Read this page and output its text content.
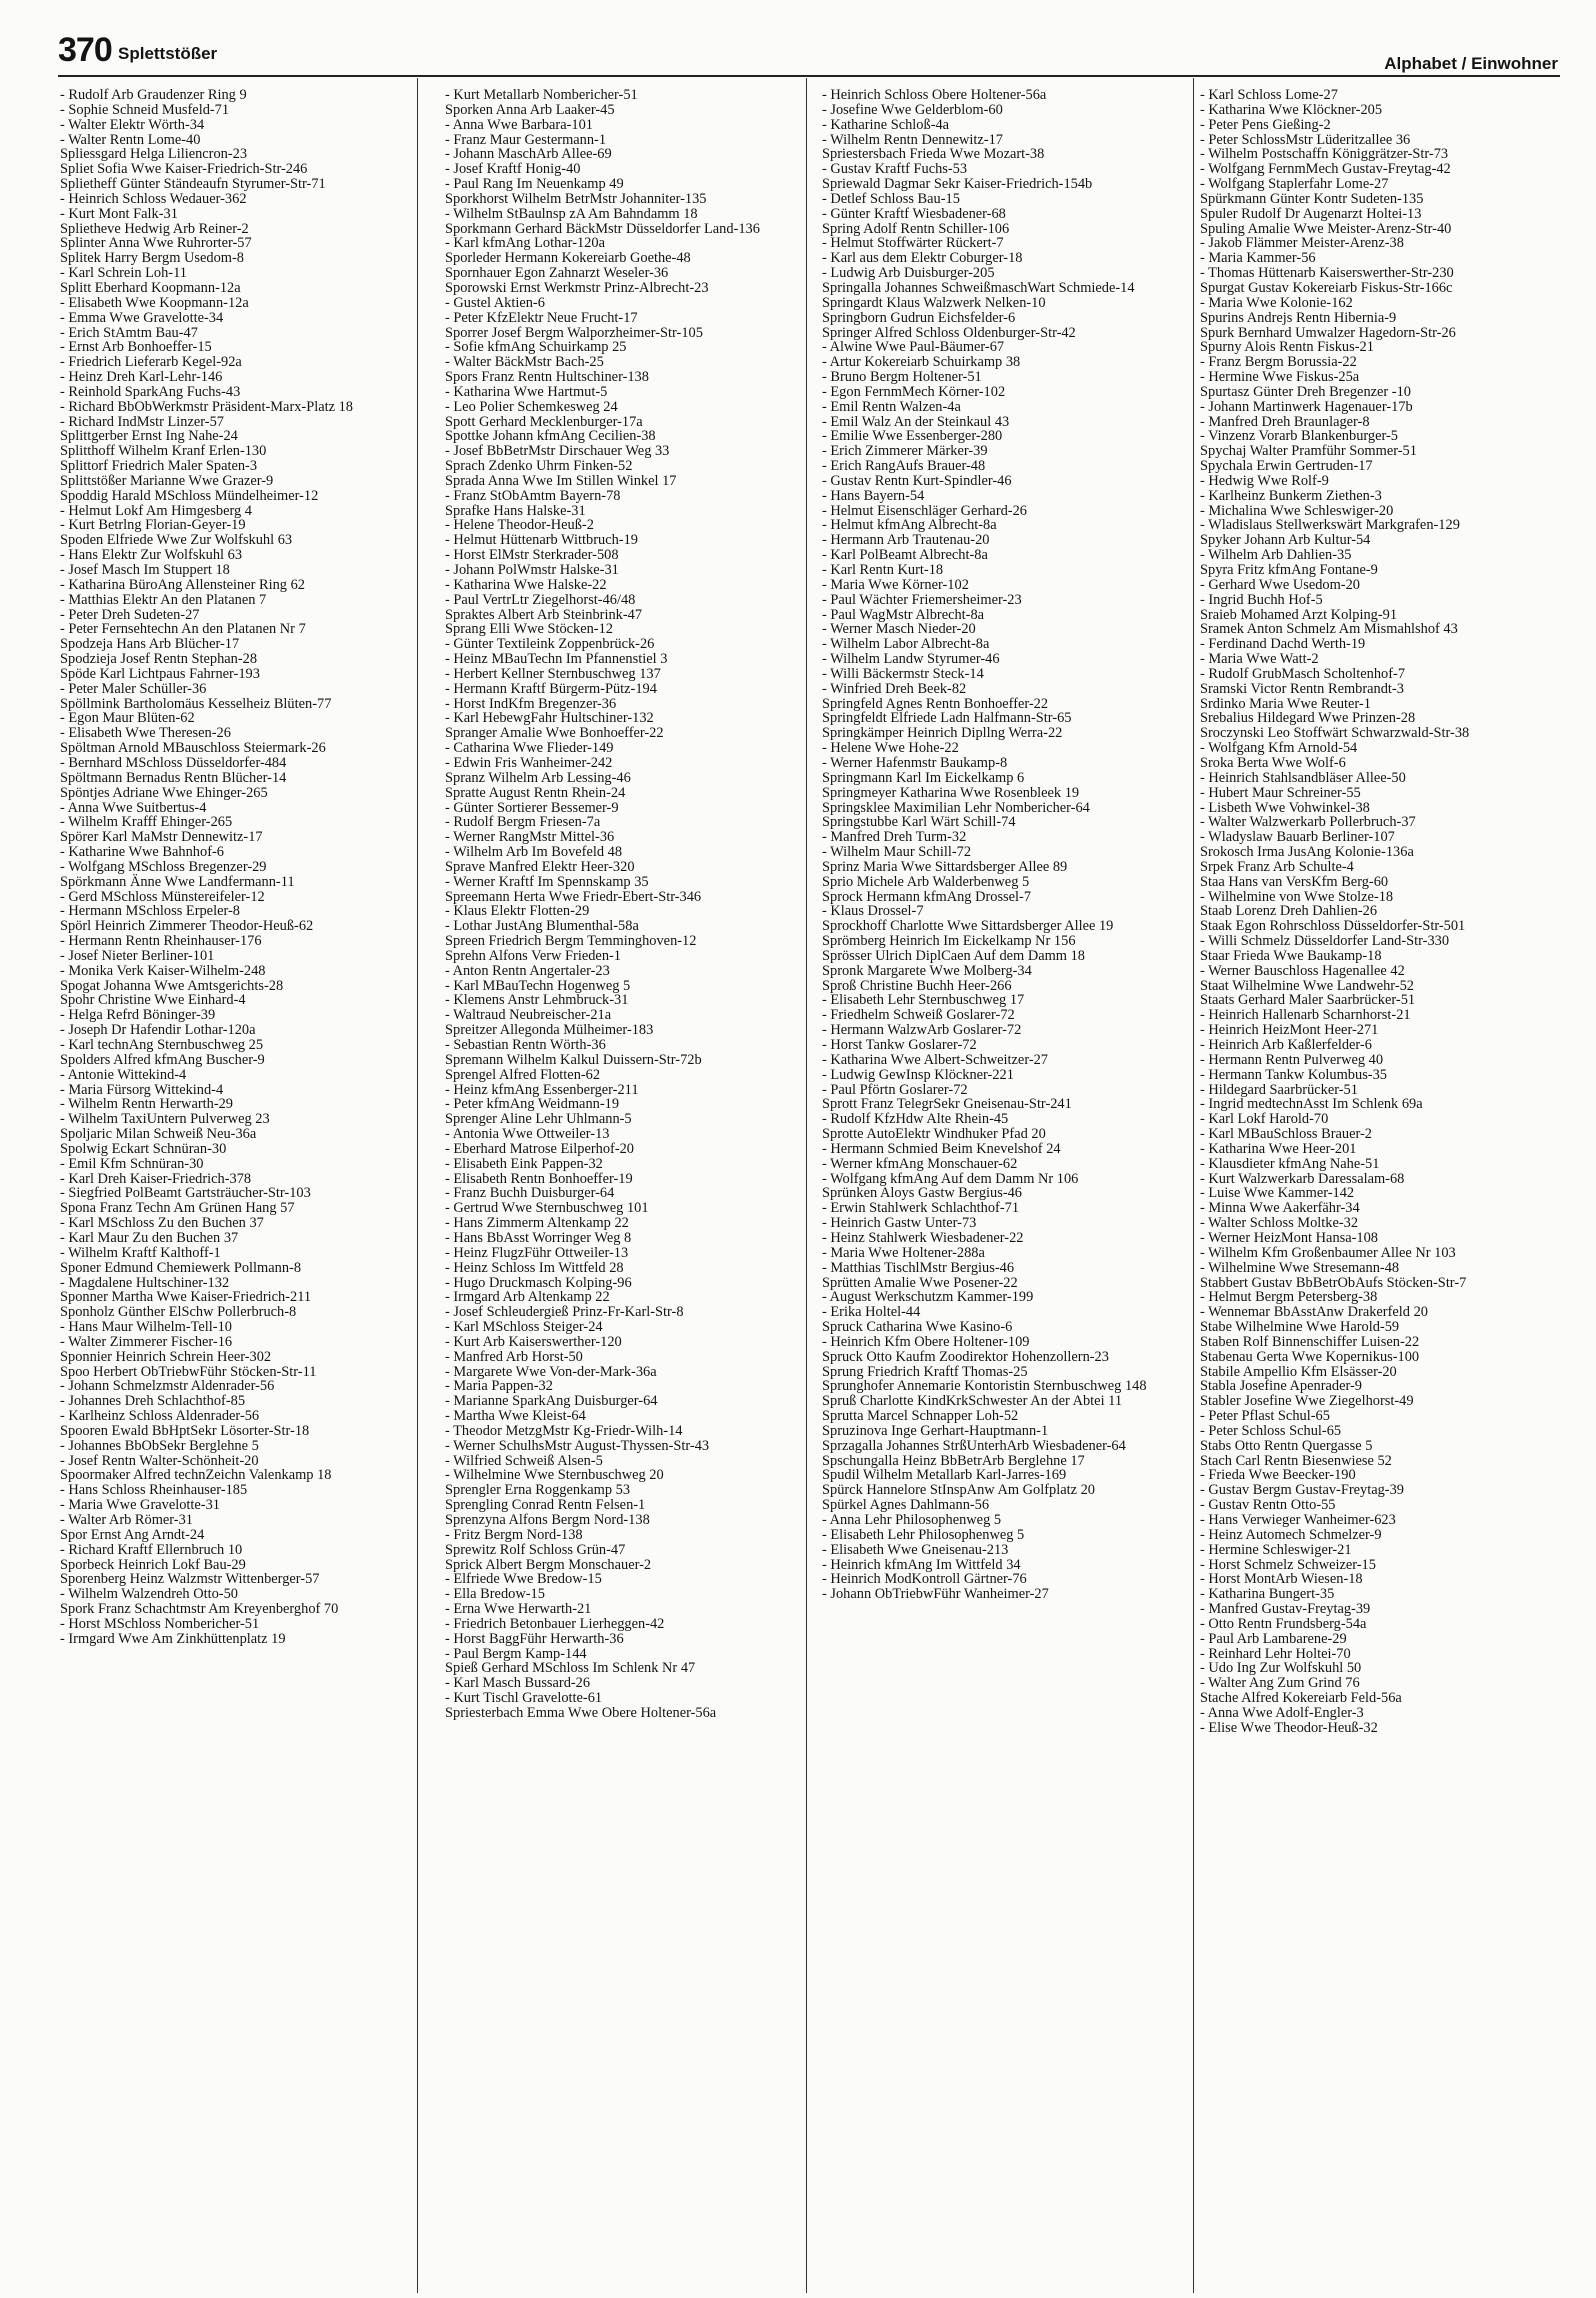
370 Splettstößer
Alphabet / Einwohner
- Rudolf Arb Graudenzer Ring 9
- Sophie Schneid Musfeld-71
- Walter Elektr Wörth-34
- Walter Rentn Lome-40
Spliessgard Helga Liliencron-23
Spliet Sofia Wwe Kaiser-Friedrich-Str-246
Splietheff Günter Ständeaufn Styrumer-Str-71
- Heinrich Schloss Wedauer-362
- Kurt Mont Falk-31
Splietheve Hedwig Arb Reiner-2
Splinter Anna Wwe Ruhrorter-57
Splitek Harry Bergm Usedom-8
- Karl Schrein Loh-11
Splitt Eberhard Koopmann-12a
- Elisabeth Wwe Koopmann-12a
- Emma Wwe Gravelotte-34
- Erich StAmtm Bau-47
- Ernst Arb Bonhoeffer-15
- Friedrich Lieferarb Kegel-92a
- Heinz Dreh Karl-Lehr-146
- Reinhold SparkAng Fuchs-43
- Richard BbObWerkmstr Präsident-Marx-Platz 18
- Richard IndMstr Linzer-57
Splittgerber Ernst Ing Nahe-24
Splitthoff Wilhelm Kranf Erlen-130
Splittorf Friedrich Maler Spaten-3
Splittstößer Marianne Wwe Grazer-9
Spoddig Harald MSchloss Mündelheimer-12
- Helmut Lokf Am Himgesberg 4
- Kurt Betrlng Florian-Geyer-19
Spoden Elfriede Wwe Zur Wolfskuhl 63
- Hans Elektr Zur Wolfskuhl 63
- Josef Masch Im Stuppert 18
- Katharina BüroAng Allensteiner Ring 62
- Matthias Elektr An den Platanen 7
- Peter Dreh Sudeten-27
- Peter Fernsehtechn An den Platanen Nr 7
Spodzeja Hans Arb Blücher-17
Spodzieja Josef Rentn Stephan-28
Spöde Karl Lichtpaus Fahrner-193
- Peter Maler Schüller-36
Spöllmink Bartholomäus Kesselheiz Blüten-77
- Egon Maur Blüten-62
- Elisabeth Wwe Theresen-26
Spöltman Arnold MBauschloss Steiermark-26
- Bernhard MSchloss Düsseldorfer-484
Spöltmann Bernadus Rentn Blücher-14
Spöntjes Adriane Wwe Ehinger-265
- Anna Wwe Suitbertus-4
- Wilhelm Krafff Ehinger-265
Spörer Karl MaMstr Dennewitz-17
- Katharine Wwe Bahnhof-6
- Wolfgang MSchloss Bregenzer-29
Spörkmann Änne Wwe Landfermann-11
- Gerd MSchloss Münstereifeler-12
- Hermann MSchloss Erpeler-8
Spörl Heinrich Zimmerer Theodor-Heuß-62
- Hermann Rentn Rheinhauser-176
- Josef Nieter Berliner-101
- Monika Verk Kaiser-Wilhelm-248
Spogat Johanna Wwe Amtsgerichts-28
Spohr Christine Wwe Einhard-4
- Helga Refrd Böninger-39
- Joseph Dr Hafendir Lothar-120a
- Karl technAng Sternbuschweg 25
Spolders Alfred kfmAng Buscher-9
- Antonie Wittekind-4
- Maria Fürsorg Wittekind-4
- Wilhelm Rentn Herwarth-29
- Wilhelm TaxiUntern Pulverweg 23
Spoljaric Milan Schweiß Neu-36a
Spolwig Eckart Schnüran-30
- Emil Kfm Schnüran-30
- Karl Dreh Kaiser-Friedrich-378
- Siegfried PolBeamt Gartsträucher-Str-103
Spona Franz Techn Am Grünen Hang 57
- Karl MSchloss Zu den Buchen 37
- Karl Maur Zu den Buchen 37
- Wilhelm Kraftf Kalthoff-1
Sponer Edmund Chemiewerk Pollmann-8
- Magdalene Hultschiner-132
Sponner Martha Wwe Kaiser-Friedrich-211
Sponholz Günther ElSchw Pollerbruch-8
- Hans Maur Wilhelm-Tell-10
- Walter Zimmerer Fischer-16
Sponnier Heinrich Schrein Heer-302
Spoo Herbert ObTriebwFühr Stöcken-Str-11
- Johann Schmelzmstr Aldenrader-56
- Johannes Dreh Schlachthof-85
- Karlheinz Schloss Aldenrader-56
Spooren Ewald BbHptSekr Lösorter-Str-18
- Johannes BbObSekr Berglehne 5
- Josef Rentn Walter-Schönheit-20
Spoormaker Alfred technZeichn Valenkamp 18
- Hans Schloss Rheinhauser-185
- Maria Wwe Gravelotte-31
- Walter Arb Römer-31
Spor Ernst Ang Arndt-24
- Richard Kraftf Ellernbruch 10
Sporbeck Heinrich Lokf Bau-29
Sporenberg Heinz Walzmstr Wittenberger-57
- Wilhelm Walzendreh Otto-50
Spork Franz Schachtmstr Am Kreyenberghof 70
- Horst MSchloss Nombericher-51
- Irmgard Wwe Am Zinkhüttenplatz 19
- Kurt Metallarb Nombericher-51
Sporken Anna Arb Laaker-45
- Anna Wwe Barbara-101
- Franz Maur Gestermann-1
- Johann MaschArb Allee-69
- Josef Kraftf Honig-40
- Paul Rang Im Neuenkamp 49
Sporkhorst Wilhelm BetrMstr Johanniter-135
- Wilhelm StBaulnsp zA Am Bahndamm 18
Sporkmann Gerhard BäckMstr Düsseldorfer Land-136
- Karl kfmAng Lothar-120a
Sporleder Hermann Kokereiarb Goethe-48
Spornhauer Egon Zahnarzt Weseler-36
Sporowski Ernst Werkmstr Prinz-Albrecht-23
- Gustel Aktien-6
- Peter KfzElektr Neue Frucht-17
Sporrer Josef Bergm Walporzheimer-Str-105
- Sofie kfmAng Schuirkamp 25
- Walter BäckMstr Bach-25
Spors Franz Rentn Hultschiner-138
- Katharina Wwe Hartmut-5
- Leo Polier Schemkesweg 24
Spott Gerhard Mecklenburger-17a
Spottke Johann kfmAng Cecilien-38
- Josef BbBetrMstr Dirschauer Weg 33
Sprach Zdenko Uhrm Finken-52
Sprada Anna Wwe Im Stillen Winkel 17
- Franz StObAmtm Bayern-78
Sprafke Hans Halske-31
- Helene Theodor-Heuß-2
- Helmut Hüttenarb Wittbruch-19
- Horst ElMstr Sterkrader-508
- Johann PolWmstr Halske-31
- Katharina Wwe Halske-22
- Paul VertrLtr Ziegelhorst-46/48
Spraktes Albert Arb Steinbrink-47
Sprang Elli Wwe Stöcken-12
- Günter Textileink Zoppenbrück-26
- Heinz MBauTechn Im Pfannenstiel 3
- Herbert Kellner Sternbuschweg 137
- Hermann Kraftf Bürgerm-Pütz-194
- Horst IndKfm Bregenzer-36
- Karl HebewgFahr Hultschiner-132
Spranger Amalie Wwe Bonhoeffer-22
- Catharina Wwe Flieder-149
- Edwin Fris Wanheimer-242
Spranz Wilhelm Arb Lessing-46
Spratte August Rentn Rhein-24
- Günter Sortierer Bessemer-9
- Rudolf Bergm Friesen-7a
- Werner RangMstr Mittel-36
- Wilhelm Arb Im Bovefeld 48
Sprave Manfred Elektr Heer-320
- Werner Kraftf Im Spennskamp 35
Spreemann Herta Wwe Friedr-Ebert-Str-346
- Klaus Elektr Flotten-29
- Lothar JustAng Blumenthal-58a
Spreen Friedrich Bergm Temminghoven-12
Sprehn Alfons Verw Frieden-1
- Anton Rentn Angertaler-23
- Karl MBauTechn Hogenweg 5
- Klemens Anstr Lehmbruck-31
- Waltraud Neubreischer-21a
Spreitzer Allegonda Mülheimer-183
- Sebastian Rentn Wörth-36
Spremann Wilhelm Kalkul Duissern-Str-72b
Sprengel Alfred Flotten-62
- Heinz kfmAng Essenberger-211
- Peter kfmAng Weidmann-19
Sprenger Aline Lehr Uhlmann-5
- Antonia Wwe Ottweiler-13
- Eberhard Matrose Eilperhof-20
- Elisabeth Eink Pappen-32
- Elisabeth Rentn Bonhoeffer-19
- Franz Buchh Duisburger-64
- Gertrud Wwe Sternbuschweg 101
- Hans Zimmerm Altenkamp 22
- Hans BbAsst Worringer Weg 8
- Heinz FlugzFühr Ottweiler-13
- Heinz Schloss Im Wittfeld 28
- Hugo Druckmasch Kolping-96
- Irmgard Arb Altenkamp 22
- Josef Schleudergieß Prinz-Fr-Karl-Str-8
- Karl MSchloss Steiger-24
- Kurt Arb Kaiserswerther-120
- Manfred Arb Horst-50
- Margarete Wwe Von-der-Mark-36a
- Maria Pappen-32
- Marianne SparkAng Duisburger-64
- Martha Wwe Kleist-64
- Theodor MetzgMstr Kg-Friedr-Wilh-14
- Werner SchulhsMstr August-Thyssen-Str-43
- Wilfried Schweiß Alsen-5
- Wilhelmine Wwe Sternbuschweg 20
Sprengler Erna Roggenkamp 53
Sprengling Conrad Rentn Felsen-1
Sprenzyna Alfons Bergm Nord-138
- Fritz Bergm Nord-138
Sprewitz Rolf Schloss Grün-47
Sprick Albert Bergm Monschauer-2
- Elfriede Wwe Bredow-15
- Ella Bredow-15
- Erna Wwe Herwarth-21
- Friedrich Betonbauer Lierheggen-42
- Horst BaggFühr Herwarth-36
- Paul Bergm Kamp-144
Spieß Gerhard MSchloss Im Schlenk Nr 47
- Karl Masch Bussard-26
- Kurt Tischl Gravelotte-61
Spriesterbach Emma Wwe Obere Holtener-56a
- Heinrich Schloss Obere Holtener-56a
- Josefine Wwe Gelderblom-60
- Katharine Schloß-4a
- Wilhelm Rentn Dennewitz-17
Spriestersbach Frieda Wwe Mozart-38
- Gustav Kraftf Fuchs-53
Spriewald Dagmar Sekr Kaiser-Friedrich-154b
- Detlef Schloss Bau-15
- Günter Kraftf Wiesbadener-68
Spring Adolf Rentn Schiller-106
- Helmut Stoffwärter Rückert-7
- Karl aus dem Elektr Coburger-18
- Ludwig Arb Duisburger-205
Springalla Johannes SchweißmaschWart Schmiede-14
Springardt Klaus Walzwerk Nelken-10
Springborn Gudrun Eichsfelder-6
Springer Alfred Schloss Oldenburger-Str-42
- Alwine Wwe Paul-Bäumer-67
- Artur Kokereiarb Schuirkamp 38
- Bruno Bergm Holtener-51
- Egon FernmMech Körner-102
- Emil Rentn Walzen-4a
- Emil Walz An der Steinkaul 43
- Emilie Wwe Essenberger-280
- Erich Zimmerer Märker-39
- Erich RangAufs Brauer-48
- Gustav Rentn Kurt-Spindler-46
- Hans Bayern-54
- Helmut Eisenschläger Gerhard-26
- Helmut kfmAng Albrecht-8a
- Hermann Arb Trautenau-20
- Karl PolBeamt Albrecht-8a
- Karl Rentn Kurt-18
- Maria Wwe Körner-102
- Paul Wächter Friemersheimer-23
- Paul WagMstr Albrecht-8a
- Werner Masch Nieder-20
- Wilhelm Labor Albrecht-8a
- Wilhelm Landw Styrumer-46
- Willi Bäckermstr Steck-14
- Winfried Dreh Beek-82
Springfeld Agnes Rentn Bonhoeffer-22
Springfeldt Elfriede Ladn Halfmann-Str-65
Springkämper Heinrich Dipllng Werra-22
- Helene Wwe Hohe-22
- Werner Hafenmstr Baukamp-8
Springmann Karl Im Eickelkamp 6
Springmeyer Katharina Wwe Rosenbleek 19
Springsklee Maximilian Lehr Nombericher-64
Springstubbe Karl Wärt Schill-74
- Manfred Dreh Turm-32
- Wilhelm Maur Schill-72
Sprinz Maria Wwe Sittardsberger Allee 89
Sprio Michele Arb Walderbenweg 5
Sprock Hermann kfmAng Drossel-7
- Klaus Drossel-7
Sprockhoff Charlotte Wwe Sittardsberger Allee 19
Sprömberg Heinrich Im Eickelkamp Nr 156
Sprösser Ulrich DiplCaen Auf dem Damm 18
Spronk Margarete Wwe Molberg-34
Sproß Christine Buchh Heer-266
- Elisabeth Lehr Sternbuschweg 17
- Friedhelm Schweiß Goslarer-72
- Hermann WalzwArb Goslarer-72
- Horst Tankw Goslarer-72
- Katharina Wwe Albert-Schweitzer-27
- Ludwig GewInsp Klöckner-221
- Paul Pförtn Goslarer-72
Sprott Franz TelegrSekr Gneisenau-Str-241
- Rudolf KfzHdw Alte Rhein-45
Sprotte AutoElektr Windhuker Pfad 20
- Hermann Schmied Beim Knevelshof 24
- Werner kfmAng Monschauer-62
- Wolfgang kfmAng Auf dem Damm Nr 106
Sprünken Aloys Gastw Bergius-46
- Erwin Stahlwerk Schlachthof-71
- Heinrich Gastw Unter-73
- Heinz Stahlwerk Wiesbadener-22
- Maria Wwe Holtener-288a
- Matthias TischlMstr Bergius-46
Sprütten Amalie Wwe Posener-22
- August Werkschutzm Kammer-199
- Erika Holtel-44
Spruck Catharina Wwe Kasino-6
- Heinrich Kfm Obere Holtener-109
Spruck Otto Kaufm Zoodirektor Hohenzollern-23
Sprung Friedrich Kraftf Thomas-25
Sprunghofer Annemarie Kontoristin Sternbuschweg 148
Spruß Charlotte KindKrkSchwester An der Abtei 11
Sprutta Marcel Schnapper Loh-52
Spruzinova Inge Gerhart-Hauptmann-1
Sprzagalla Johannes StrßUnterhArb Wiesbadener-64
Spschungalla Heinz BbBetrArb Berglehne 17
Spudil Wilhelm Metallarb Karl-Jarres-169
Spürck Hannelore StInspAnw Am Golfplatz 20
Spürkel Agnes Dahlmann-56
- Anna Lehr Philosophenweg 5
- Elisabeth Lehr Philosophenweg 5
- Elisabeth Wwe Gneisenau-213
- Heinrich kfmAng Im Wittfeld 34
- Heinrich ModKontroll Gärtner-76
- Johann ObTriebwFühr Wanheimer-27
- Karl Schloss Lome-27
- Katharina Wwe Klöckner-205
- Peter Pens Gießing-2
- Peter SchlossMstr Lüderitzallee 36
- Wilhelm Postschaffn Königgrätzer-Str-73
- Wolfgang FernmMech Gustav-Freytag-42
- Wolfgang Staplerfahr Lome-27
Spürkmann Günter Kontr Sudeten-135
Spuler Rudolf Dr Augenarzt Holtei-13
Spuling Amalie Wwe Meister-Arenz-Str-40
- Jakob Flämmer Meister-Arenz-38
- Maria Kammer-56
- Thomas Hüttenarb Kaiserswerther-Str-230
Spurgat Gustav Kokereiarb Fiskus-Str-166c
- Maria Wwe Kolonie-162
Spurins Andrejs Rentn Hibernia-9
Spurk Bernhard Umwalzer Hagedorn-Str-26
Spurny Alois Rentn Fiskus-21
- Franz Bergm Borussia-22
- Hermine Wwe Fiskus-25a
Spurtasz Günter Dreh Bregenzer -10
- Johann Martinwerk Hagenauer-17b
- Manfred Dreh Braunlager-8
- Vinzenz Vorarb Blankenburger-5
Spychaj Walter Pramführ Sommer-51
Spychala Erwin Gertruden-17
- Hedwig Wwe Rolf-9
- Karlheinz Bunkerm Ziethen-3
- Michalina Wwe Schleswiger-20
- Wladislaus Stellwerkswärt Markgrafen-129
Spyker Johann Arb Kultur-54
- Wilhelm Arb Dahlien-35
Spyra Fritz kfmAng Fontane-9
- Gerhard Wwe Usedom-20
- Ingrid Buchh Hof-5
Sraieb Mohamed Arzt Kolping-91
Sramek Anton Schmelz Am Mismahlshof 43
- Ferdinand Dachd Werth-19
- Maria Wwe Watt-2
- Rudolf GrubMasch Scholtenhof-7
Sramski Victor Rentn Rembrandt-3
Srdinko Maria Wwe Reuter-1
Srebalius Hildegard Wwe Prinzen-28
Sroczynski Leo Stoffwärt Schwarzwald-Str-38
- Wolfgang Kfm Arnold-54
Sroka Berta Wwe Wolf-6
- Heinrich Stahlsandbläser Allee-50
- Hubert Maur Schreiner-55
- Lisbeth Wwe Vohwinkel-38
- Walter Walzwerkarb Pollerbruch-37
- Wladyslaw Bauarb Berliner-107
Srokosch Irma JusAng Kolonie-136a
Srpek Franz Arb Schulte-4
Staa Hans van VersKfm Berg-60
- Wilhelmine von Wwe Stolze-18
Staab Lorenz Dreh Dahlien-26
Staak Egon Rohrschloss Düsseldorfer-Str-501
- Willi Schmelz Düsseldorfer Land-Str-330
Staar Frieda Wwe Baukamp-18
- Werner Bauschloss Hagenallee 42
Staat Wilhelmine Wwe Landwehr-52
Staats Gerhard Maler Saarbrücker-51
- Heinrich Hallenarb Scharnhorst-21
- Heinrich HeizMont Heer-271
- Heinrich Arb Kaßlerfelder-6
- Hermann Rentn Pulverweg 40
- Hermann Tankw Kolumbus-35
- Hildegard Saarbrücker-51
- Ingrid medtechnAsst Im Schlenk 69a
- Karl Lokf Harold-70
- Karl MBauSchloss Brauer-2
- Katharina Wwe Heer-201
- Klausdieter kfmAng Nahe-51
- Kurt Walzwerkarb Daressalam-68
- Luise Wwe Kammer-142
- Minna Wwe Aakerfähr-34
- Walter Schloss Moltke-32
- Werner HeizMont Hansa-108
- Wilhelm Kfm Großenbaumer Allee Nr 103
- Wilhelmine Wwe Stresemann-48
Stabbert Gustav BbBetrObAufs Stöcken-Str-7
- Helmut Bergm Petersberg-38
- Wennemar BbAsstAnw Drakerfeld 20
Stabe Wilhelmine Wwe Harold-59
Staben Rolf Binnenschiffer Luisen-22
Stabenau Gerta Wwe Kopernikus-100
Stabile Ampellio Kfm Elsässer-20
Stabla Josefine Apenrader-9
Stabler Josefine Wwe Ziegelhorst-49
- Peter Pflast Schul-65
- Peter Schloss Schul-65
Stabs Otto Rentn Quergasse 5
Stach Carl Rentn Biesenwiese 52
- Frieda Wwe Beecker-190
- Gustav Bergm Gustav-Freytag-39
- Gustav Rentn Otto-55
- Hans Verwieger Wanheimer-623
- Heinz Automech Schmelzer-9
- Hermine Schleswiger-21
- Horst Schmelz Schweizer-15
- Horst MontArb Wiesen-18
- Katharina Bungert-35
- Manfred Gustav-Freytag-39
- Otto Rentn Frundsberg-54a
- Paul Arb Lambarene-29
- Reinhard Lehr Holtei-70
- Udo Ing Zur Wolfskuhl 50
- Walter Ang Zum Grind 76
Stache Alfred Kokereiarb Feld-56a
- Anna Wwe Adolf-Engler-3
- Elise Wwe Theodor-Heuß-32
